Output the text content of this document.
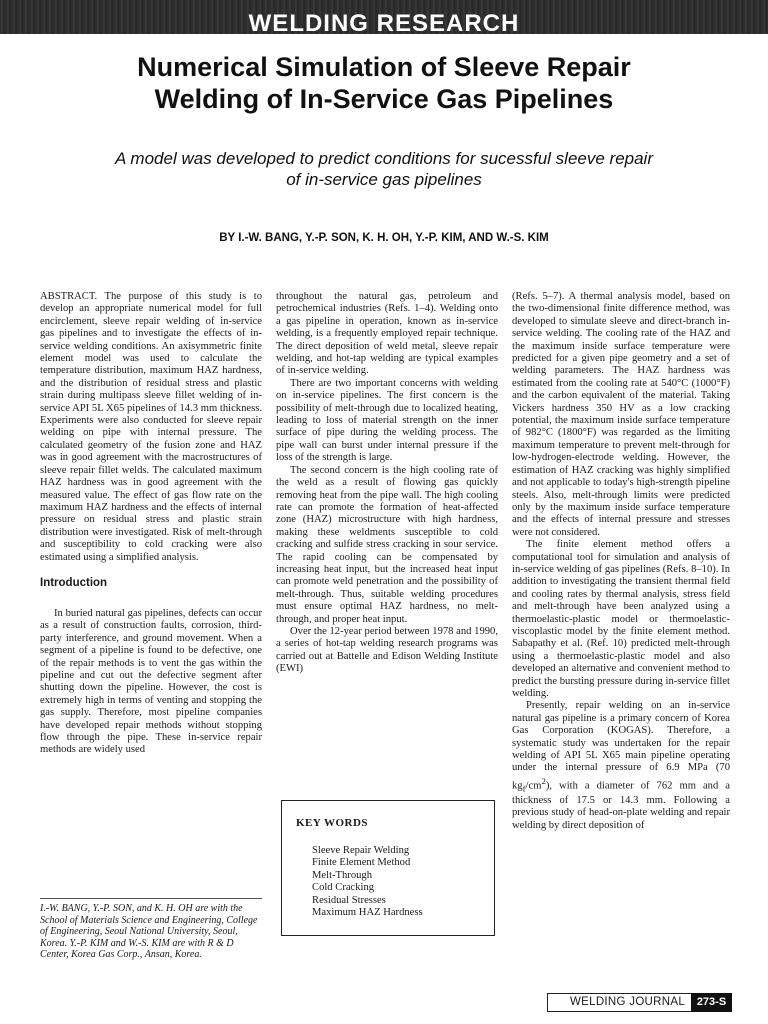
WELDING RESEARCH
Numerical Simulation of Sleeve Repair
Welding of In-Service Gas Pipelines
A model was developed to predict conditions for sucessful sleeve repair
of in-service gas pipelines
BY I.-W. BANG, Y.-P. SON, K. H. OH, Y.-P. KIM, AND W.-S. KIM

ABSTRACT. The purpose of this study is to develop an appropriate numerical model for full encirclement, sleeve repair welding of in-service gas pipelines and to investigate the effects of in-service welding conditions. An axisymmetric finite element model was used to calculate the temperature distribution, maximum HAZ hardness, and the distribution of residual stress and plastic strain during multipass sleeve fillet welding of in-service API 5L X65 pipelines of 14.3 mm thickness. Experiments were also conducted for sleeve repair welding on pipe with internal pressure. The calculated geometry of the fusion zone and HAZ was in good agreement with the macrostructures of sleeve repair fillet welds. The calculated maximum HAZ hardness was in good agreement with the measured value. The effect of gas flow rate on the maximum HAZ hardness and the effects of internal pressure on residual stress and plastic strain distribution were investigated. Risk of melt-through and susceptibility to cold cracking were also estimated using a simplified analysis.

Introduction

In buried natural gas pipelines, defects can occur as a result of construction faults, corrosion, third-party interference, and ground movement. When a segment of a pipeline is found to be defective, one of the repair methods is to vent the gas within the pipeline and cut out the defective segment after shutting down the pipeline. However, the cost is extremely high in terms of venting and stopping the gas supply. Therefore, most pipeline companies have developed repair methods without stopping flow through the pipe. These in-service repair methods are widely used

I.-W. BANG, Y.-P. SON, and K. H. OH are with the School of Materials Science and Engineering, College of Engineering, Seoul National University, Seoul, Korea. Y.-P. KIM and W.-S. KIM are with R & D Center, Korea Gas Corp., Ansan, Korea.

throughout the natural gas, petroleum and petrochemical industries (Refs. 1–4). Welding onto a gas pipeline in operation, known as in-service welding, is a frequently employed repair technique. The direct deposition of weld metal, sleeve repair welding, and hot-tap welding are typical examples of in-service welding.

There are two important concerns with welding on in-service pipelines. The first concern is the possibility of melt-through due to localized heating, leading to loss of material strength on the inner surface of pipe during the welding process. The pipe wall can burst under internal pressure if the loss of the strength is large.

The second concern is the high cooling rate of the weld as a result of flowing gas quickly removing heat from the pipe wall. The high cooling rate can promote the formation of heat-affected zone (HAZ) microstructure with high hardness, making these weldments susceptible to cold cracking and sulfide stress cracking in sour service. The rapid cooling can be compensated by increasing heat input, but the increased heat input can promote weld penetration and the possibility of melt-through. Thus, suitable welding procedures must ensure optimal HAZ hardness, no melt-through, and proper heat input.

Over the 12-year period between 1978 and 1990, a series of hot-tap welding research programs was carried out at Battelle and Edison Welding Institute (EWI)

KEY WORDS
Sleeve Repair Welding
Finite Element Method
Melt-Through
Cold Cracking
Residual Stresses
Maximum HAZ Hardness

(Refs. 5–7). A thermal analysis model, based on the two-dimensional finite difference method, was developed to simulate sleeve and direct-branch in-service welding. The cooling rate of the HAZ and the maximum inside surface temperature were predicted for a given pipe geometry and a set of welding parameters. The HAZ hardness was estimated from the cooling rate at 540°C (1000°F) and the carbon equivalent of the material. Taking Vickers hardness 350 HV as a low cracking potential, the maximum inside surface temperature of 982°C (1800°F) was regarded as the limiting maximum temperature to prevent melt-through for low-hydrogen-electrode welding. However, the estimation of HAZ cracking was highly simplified and not applicable to today's high-strength pipeline steels. Also, melt-through limits were predicted only by the maximum inside surface temperature and the effects of internal pressure and stresses were not considered.

The finite element method offers a computational tool for simulation and analysis of in-service welding of gas pipelines (Refs. 8–10). In addition to investigating the transient thermal field and cooling rates by thermal analysis, stress field and melt-through have been analyzed using a thermoelastic-plastic model or thermoelastic-viscoplastic model by the finite element method. Sabapathy et al. (Ref. 10) predicted melt-through using a thermoelastic-plastic model and also developed an alternative and convenient method to predict the bursting pressure during in-service fillet welding.

Presently, repair welding on an in-service natural gas pipeline is a primary concern of Korea Gas Corporation (KOGAS). Therefore, a systematic study was undertaken for the repair welding of API 5L X65 main pipeline operating under the internal pressure of 6.9 MPa (70 $kg_f/cm^2$), with a diameter of 762 mm and a thickness of 17.5 or 14.3 mm. Following a previous study of head-on-plate welding and repair welding by direct deposition of

WELDING JOURNAL	273-S
